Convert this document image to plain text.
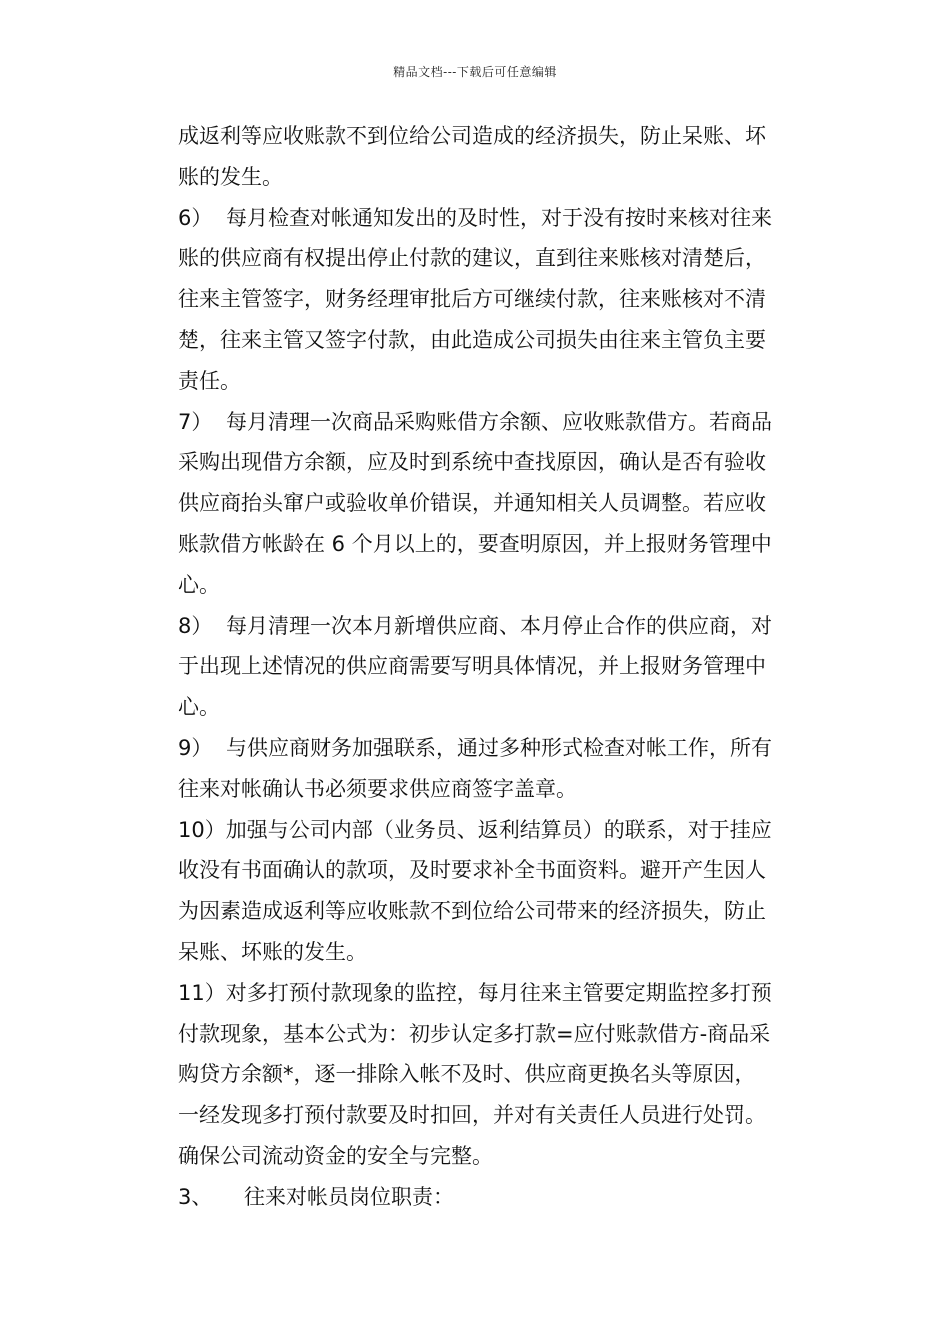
精品文档---下载后可任意编辑
成返利等应收账款不到位给公司造成的经济损失，防止呆账、坏
账的发生。
6） 每月检查对帐通知发出的及时性，对于没有按时来核对往来
账的供应商有权提出停止付款的建议，直到往来账核对清楚后，
往来主管签字，财务经理审批后方可继续付款，往来账核对不清
楚，往来主管又签字付款，由此造成公司损失由往来主管负主要
责任。
7） 每月清理一次商品采购账借方余额、应收账款借方。若商品
采购出现借方余额，应及时到系统中查找原因，确认是否有验收
供应商抬头窜户或验收单价错误，并通知相关人员调整。若应收
账款借方帐龄在 6 个月以上的，要查明原因，并上报财务管理中
心。
8） 每月清理一次本月新增供应商、本月停止合作的供应商，对
于出现上述情况的供应商需要写明具体情况，并上报财务管理中
心。
9） 与供应商财务加强联系，通过多种形式检查对帐工作，所有
往来对帐确认书必须要求供应商签字盖章。
10）加强与公司内部（业务员、返利结算员）的联系，对于挂应
收没有书面确认的款项，及时要求补全书面资料。避开产生因人
为因素造成返利等应收账款不到位给公司带来的经济损失，防止
呆账、坏账的发生。
11）对多打预付款现象的监控，每月往来主管要定期监控多打预
付款现象，基本公式为：初步认定多打款=应付账款借方-商品采
购贷方余额*，逐一排除入帐不及时、供应商更换名头等原因，
一经发现多打预付款要及时扣回，并对有关责任人员进行处罚。
确保公司流动资金的安全与完整。
3、 往来对帐员岗位职责：
